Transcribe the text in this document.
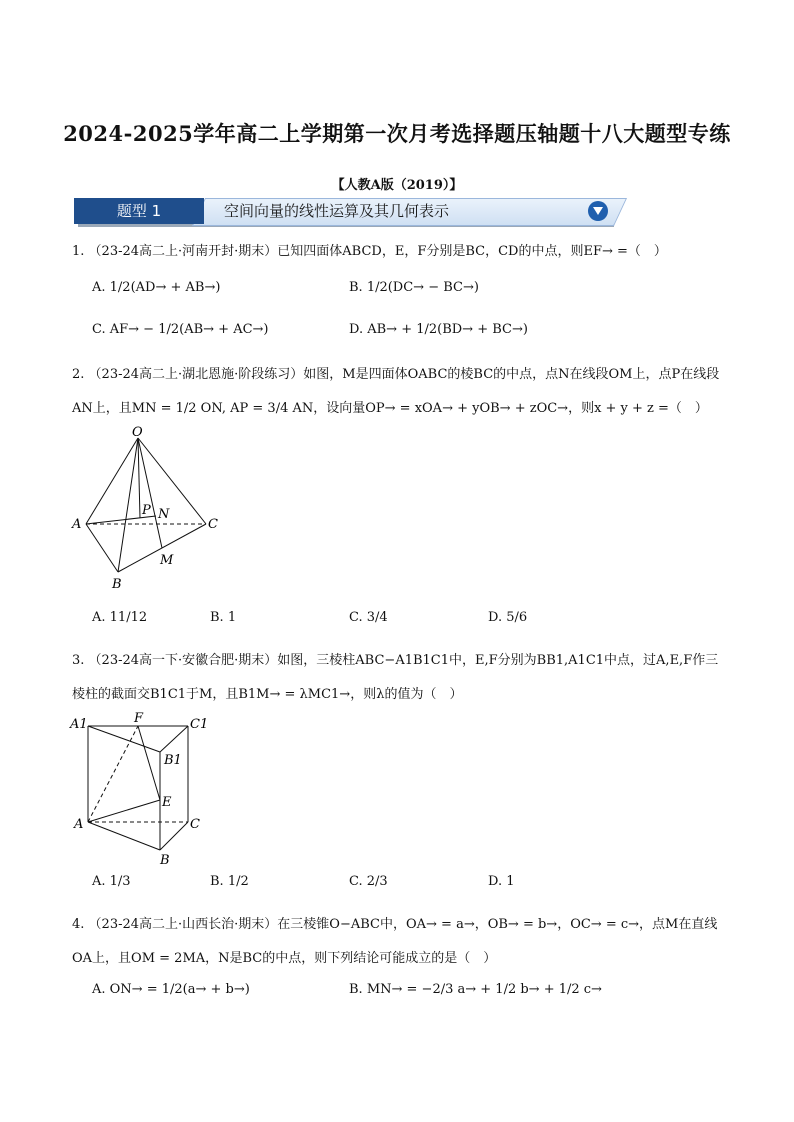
2024-2025学年高二上学期第一次月考选择题压轴题十八大题型专练
【人教A版（2019）】
题型 1	空间向量的线性运算及其几何表示
1. （23-24高二上·河南开封·期末）已知四面体ABCD，E，F分别是BC，CD的中点，则EF→ =（　）
A. 1/2(AD→ + AB→)	B. 1/2(DC→ − BC→)
C. AF→ − 1/2(AB→ + AC→)	D. AB→ + 1/2(BD→ + BC→)
2. （23-24高二上·湖北恩施·阶段练习）如图，M是四面体OABC的棱BC的中点，点N在线段OM上，点P在线段AN上，且MN = 1/2 ON, AP = 3/4 AN，设向量OP→ = xOA→ + yOB→ + zOC→，则x + y + z =（　）
O
A
B
C
P N
M
A. 11/12	B. 1	C. 3/4	D. 5/6
3. （23-24高一下·安徽合肥·期末）如图，三棱柱ABC−A1B1C1中，E,F分别为BB1,A1C1中点，过A,E,F作三棱柱的截面交B1C1于M，且B1M→ = λMC1→，则λ的值为（　）
A1	F	C1
B1
E
A	C
B
A. 1/3	B. 1/2	C. 2/3	D. 1
4. （23-24高二上·山西长治·期末）在三棱锥O−ABC中，OA→ = a→，OB→ = b→，OC→ = c→，点M在直线OA上，且OM = 2MA，N是BC的中点，则下列结论可能成立的是（　）
A. ON→ = 1/2(a→ + b→)	B. MN→ = −2/3 a→ + 1/2 b→ + 1/2 c→
